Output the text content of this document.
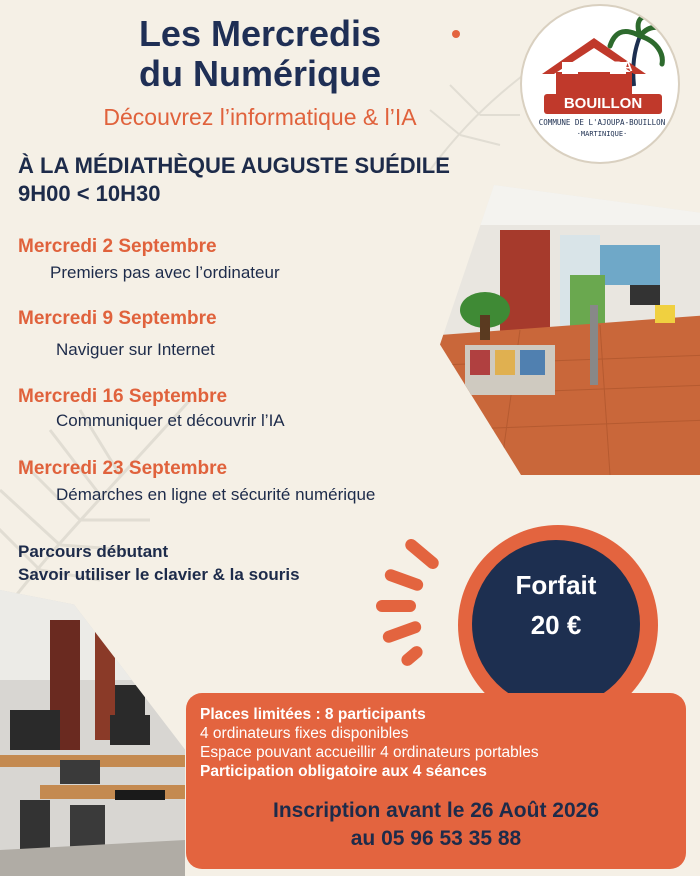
Les Mercredis
du Numérique
Découvrez l’informatique & l’IA
AJOUPA
BOUILLON
COMMUNE DE L'AJOUPA-BOUILLON
·MARTINIQUE·
À LA MÉDIATHÈQUE AUGUSTE SUÉDILE
9H00 < 10H30
Mercredi 2 Septembre
Premiers pas avec l’ordinateur
Mercredi 9 Septembre
Naviguer sur Internet
Mercredi 16 Septembre
Communiquer et découvrir l’IA
Mercredi 23 Septembre
Démarches en ligne et sécurité numérique
Parcours débutant
Savoir utiliser le clavier & la souris	Forfait
20 €
Places limitées : 8 participants
4 ordinateurs fixes disponibles
Espace pouvant accueillir 4 ordinateurs portables
Participation obligatoire aux 4 séances
Inscription avant le 26 Août 2026
au 05 96 53 35 88
